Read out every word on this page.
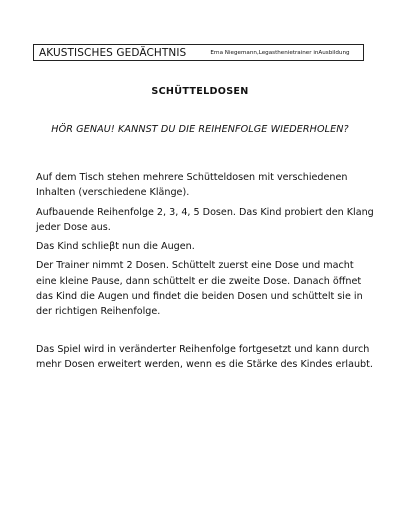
AKUSTISCHES GEDÄCHTNIS	Erna Niegemann,Legasthenietrainer inAusbildung
SCHÜTTELDOSEN
HÖR GENAU! KANNST DU DIE REIHENFOLGE WIEDERHOLEN?

Auf dem Tisch stehen mehrere Schütteldosen mit verschiedenen Inhalten (verschiedene Klänge).

Aufbauende Reihenfolge 2, 3, 4, 5 Dosen. Das Kind probiert den Klang jeder Dose aus.

Das Kind schlieβt nun die Augen.

Der Trainer nimmt 2 Dosen. Schüttelt zuerst eine Dose und macht eine kleine Pause, dann schüttelt er die zweite Dose. Danach öffnet das Kind die Augen und findet die beiden Dosen und schüttelt sie in der richtigen Reihenfolge.

Das Spiel wird in veränderter Reihenfolge fortgesetzt und kann durch mehr Dosen erweitert werden, wenn es die Stärke des Kindes erlaubt.
